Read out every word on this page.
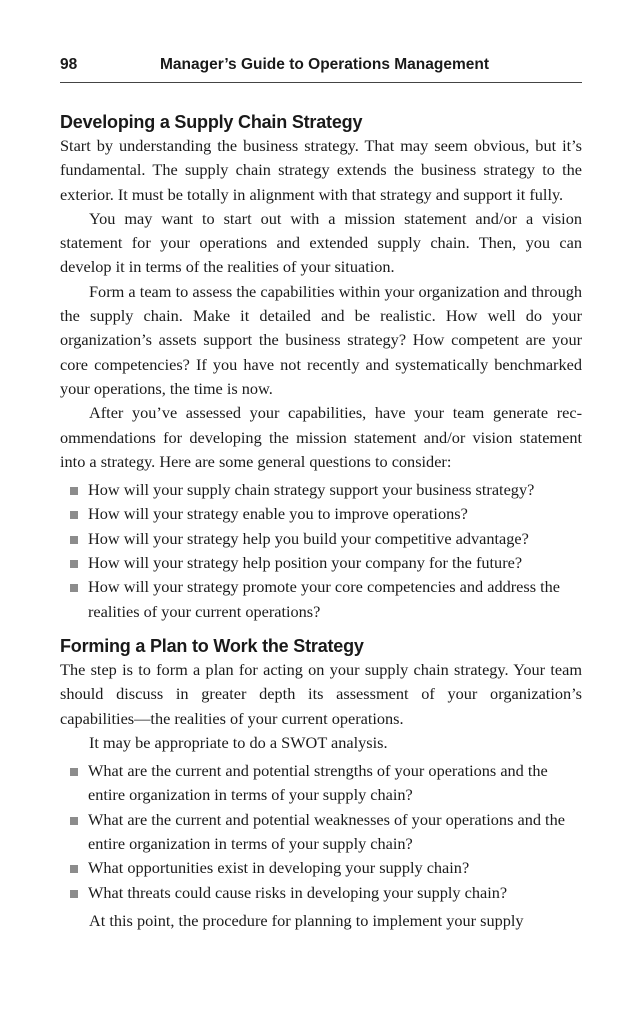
98	Manager’s Guide to Operations Management
Developing a Supply Chain Strategy

Start by understanding the business strategy. That may seem obvious, but it’s fundamental. The supply chain strategy extends the business strategy to the exterior. It must be totally in alignment with that strategy and support it fully.

You may want to start out with a mission statement and/or a vision statement for your operations and extended supply chain. Then, you can develop it in terms of the realities of your situation.

Form a team to assess the capabilities within your organization and through the supply chain. Make it detailed and be realistic. How well do your organization’s assets support the business strategy? How competent are your core competencies? If you have not recently and systematically benchmarked your operations, the time is now.

After you’ve assessed your capabilities, have your team generate recommendations for developing the mission statement and/or vision statement into a strategy. Here are some general questions to consider:

How will your supply chain strategy support your business strategy?
How will your strategy enable you to improve operations?
How will your strategy help you build your competitive advantage?
How will your strategy help position your company for the future?
How will your strategy promote your core competencies and address the realities of your current operations?
Forming a Plan to Work the Strategy

The step is to form a plan for acting on your supply chain strategy. Your team should discuss in greater depth its assessment of your organization’s capabilities—the realities of your current operations.

It may be appropriate to do a SWOT analysis.

What are the current and potential strengths of your operations and the entire organization in terms of your supply chain?
What are the current and potential weaknesses of your operations and the entire organization in terms of your supply chain?
What opportunities exist in developing your supply chain?
What threats could cause risks in developing your supply chain?

At this point, the procedure for planning to implement your supply
